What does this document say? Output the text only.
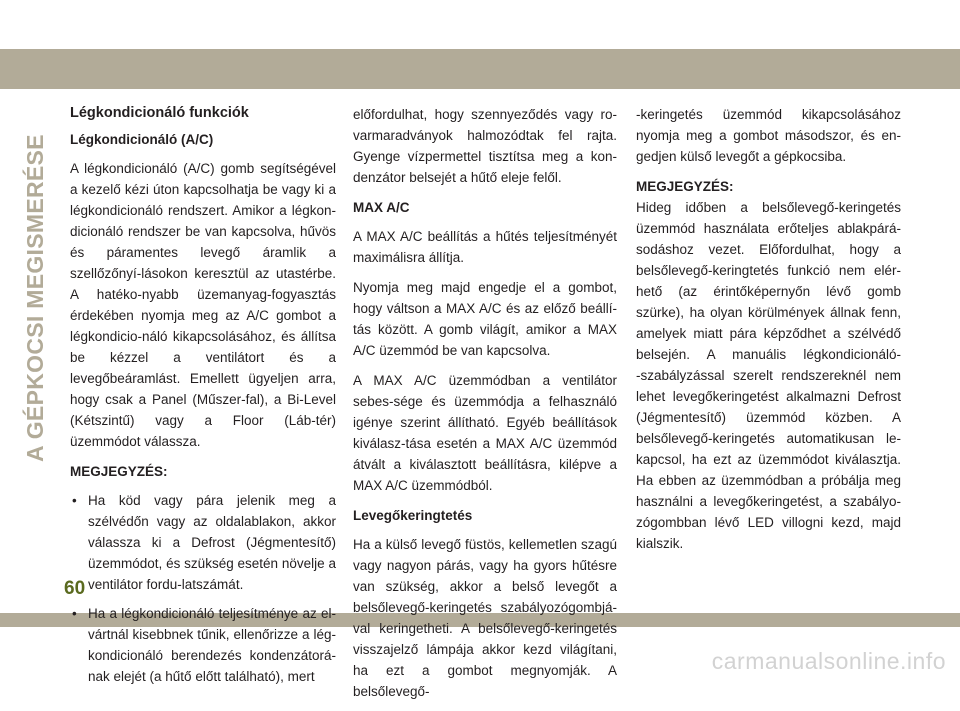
A GÉPKOCSI MEGISMERÉSE
Légkondicionáló funkciók
Légkondicionáló (A/C)

A légkondicionáló (A/C) gomb segítségével a kezelő kézi úton kapcsolhatja be vagy ki a légkondicionáló rendszert. Amikor a légkon-dicionáló rendszer be van kapcsolva, hűvös és páramentes levegő áramlik a szellőzőnyí-lásokon keresztül az utastérbe. A hatéko-nyabb üzemanyag-fogyasztás érdekében nyomja meg az A/C gombot a légkondicio-náló kikapcsolásához, és állítsa be kézzel a ventilátort és a levegőbeáramlást. Emellett ügyeljen arra, hogy csak a Panel (Műszer-fal), a Bi-Level (Kétszintű) vagy a Floor (Láb-tér) üzemmódot válassza.

MEGJEGYZÉS:
• Ha köd vagy pára jelenik meg a szélvédőn vagy az oldalablakon, akkor válassza ki a Defrost (Jégmentesítő) üzemmódot, és szükség esetén növelje a ventilátor fordu-latszámát.
• Ha a légkondicionáló teljesítménye az el-vártnál kisebbnek tűnik, ellenőrizze a lég-kondicionáló berendezés kondenzátorá-nak elejét (a hűtő előtt található), mert

előfordulhat, hogy szennyeződés vagy ro-varmaradványok halmozódtak fel rajta. Gyenge vízpermettel tisztítsa meg a kon-denzátor belsejét a hűtő eleje felől.

MAX A/C

A MAX A/C beállítás a hűtés teljesítményét maximálisra állítja.

Nyomja meg majd engedje el a gombot, hogy váltson a MAX A/C és az előző beállí-tás között. A gomb világít, amikor a MAX A/C üzemmód be van kapcsolva.

A MAX A/C üzemmódban a ventilátor sebes-sége és üzemmódja a felhasználó igénye szerint állítható. Egyéb beállítások kiválasz-tása esetén a MAX A/C üzemmód átvált a kiválasztott beállításra, kilépve a MAX A/C üzemmódból.

Levegőkeringtetés

Ha a külső levegő füstös, kellemetlen szagú vagy nagyon párás, vagy ha gyors hűtésre van szükség, akkor a belső levegőt a belsőlevegő-keringetés szabályozógombjá-val keringetheti. A belsőlevegő-keringetés visszajelző lámpája akkor kezd világítani, ha ezt a gombot megnyomják. A belsőlevegő-

-keringetés üzemmód kikapcsolásához nyomja meg a gombot másodszor, és en-gedjen külső levegőt a gépkocsiba.

MEGJEGYZÉS:

Hideg időben a belsőlevegő-keringetés üzemmód használata erőteljes ablakpárá-sodáshoz vezet. Előfordulhat, hogy a belsőlevegő-keringtetés funkció nem elér-hető (az érintőképernyőn lévő gomb szürke), ha olyan körülmények állnak fenn, amelyek miatt pára képződhet a szélvédő belsején. A manuális légkondicionáló-‑szabályzással szerelt rendszereknél nem lehet levegőkeringetést alkalmazni Defrost (Jégmentesítő) üzemmód közben. A belsőlevegő-keringetés automatikusan le-kapcsol, ha ezt az üzemmódot kiválasztja. Ha ebben az üzemmódban a próbálja meg használni a levegőkeringetést, a szabályo-zógombban lévő LED villogni kezd, majd kialszik.

60
carmanualsonline.info
